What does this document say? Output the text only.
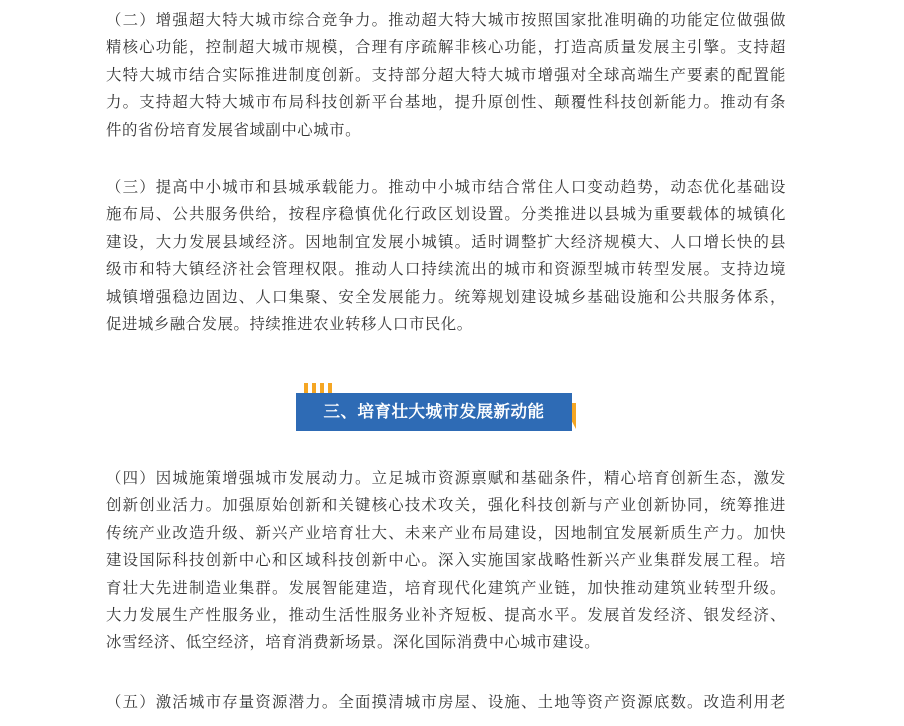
（二）增强超大特大城市综合竞争力。推动超大特大城市按照国家批准明确的功能定位做强做
精核心功能，控制超大城市规模，合理有序疏解非核心功能，打造高质量发展主引擎。支持超
大特大城市结合实际推进制度创新。支持部分超大特大城市增强对全球高端生产要素的配置能
力。支持超大特大城市布局科技创新平台基地，提升原创性、颠覆性科技创新能力。推动有条
件的省份培育发展省域副中心城市。

（三）提高中小城市和县城承载能力。推动中小城市结合常住人口变动趋势，动态优化基础设
施布局、公共服务供给，按程序稳慎优化行政区划设置。分类推进以县城为重要载体的城镇化
建设，大力发展县域经济。因地制宜发展小城镇。适时调整扩大经济规模大、人口增长快的县
级市和特大镇经济社会管理权限。推动人口持续流出的城市和资源型城市转型发展。支持边境
城镇增强稳边固边、人口集聚、安全发展能力。统筹规划建设城乡基础设施和公共服务体系，
促进城乡融合发展。持续推进农业转移人口市民化。

三、培育壮大城市发展新动能

（四）因城施策增强城市发展动力。立足城市资源禀赋和基础条件，精心培育创新生态，激发
创新创业活力。加强原始创新和关键核心技术攻关，强化科技创新与产业创新协同，统筹推进
传统产业改造升级、新兴产业培育壮大、未来产业布局建设，因地制宜发展新质生产力。加快
建设国际科技创新中心和区域科技创新中心。深入实施国家战略性新兴产业集群发展工程。培
育壮大先进制造业集群。发展智能建造，培育现代化建筑产业链，加快推动建筑业转型升级。
大力发展生产性服务业，推动生活性服务业补齐短板、提高水平。发展首发经济、银发经济、
冰雪经济、低空经济，培育消费新场景。深化国际消费中心城市建设。

（五）激活城市存量资源潜力。全面摸清城市房屋、设施、土地等资产资源底数。改造利用老
